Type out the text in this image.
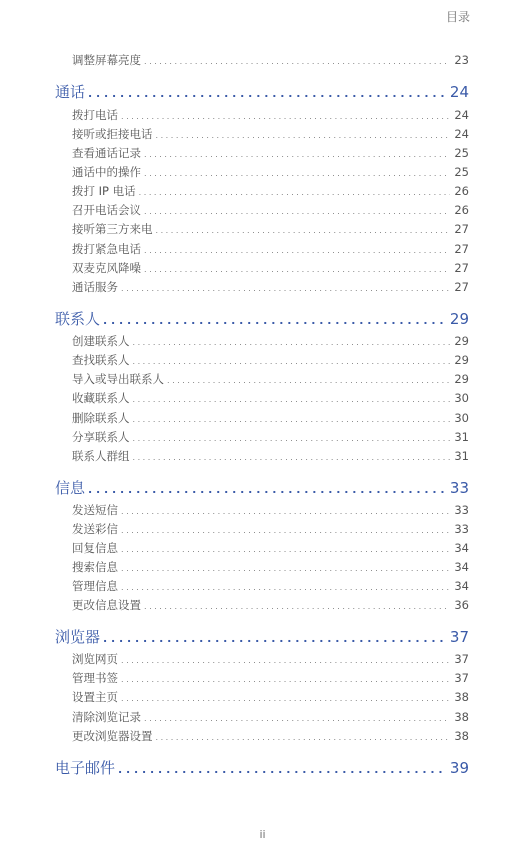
目录
调整屏幕亮度 . . .	23
通话 . . .	24
拨打电话 . . .	24
接听或拒接电话 . . .	24
查看通话记录 . . .	25
通话中的操作 . . .	25
拨打 IP 电话 . . .	26
召开电话会议 . . .	26
接听第三方来电 . . .	27
拨打紧急电话 . . .	27
双麦克风降噪 . . .	27
通话服务 . . .	27
联系人 . . .	29
创建联系人 . . .	29
查找联系人 . . .	29
导入或导出联系人 . . .	29
收藏联系人 . . .	30
删除联系人 . . .	30
分享联系人 . . .	31
联系人群组 . . .	31
信息 . . .	33
发送短信 . . .	33
发送彩信 . . .	33
回复信息 . . .	34
搜索信息 . . .	34
管理信息 . . .	34
更改信息设置 . . .	36
浏览器 . . .	37
浏览网页 . . .	37
管理书签 . . .	37
设置主页 . . .	38
清除浏览记录 . . .	38
更改浏览器设置 . . .	38
电子邮件 . . .	39
ii
